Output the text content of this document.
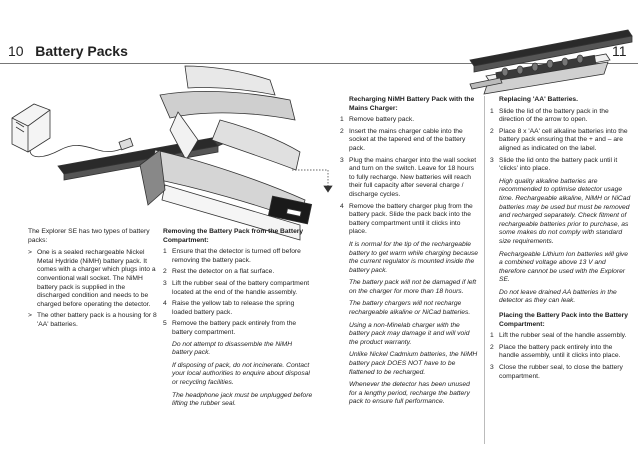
10 Battery Packs	11

The Explorer SE has two types of battery packs:

> One is a sealed rechargeable Nickel Metal Hydride (NiMH) battery pack. It comes with a charger which plugs into a conventional wall socket. The NiMH battery pack is supplied in the discharged condition and needs to be charged before operating the detector.
> The other battery pack is a housing for 8 'AA' batteries.
Removing the Battery Pack from the Battery Compartment:
1 Ensure that the detector is turned off before removing the battery pack.
2 Rest the detector on a flat surface.
3 Lift the rubber seal of the battery compartment located at the end of the handle assembly.
4 Raise the yellow tab to release the spring loaded battery pack.
5 Remove the battery pack entirely from the battery compartment.

Do not attempt to disassemble the NiMH battery pack.

If disposing of pack, do not incinerate. Contact your local authorities to enquire about disposal or recycling facilities.

The headphone jack must be unplugged before lifting the rubber seal.

Recharging NiMH Battery Pack with the Mains Charger:
1 Remove battery pack.
2 Insert the mains charger cable into the socket at the tapered end of the battery pack.
3 Plug the mains charger into the wall socket and turn on the switch. Leave for 18 hours to fully recharge. New batteries will reach their full capacity after several charge / discharge cycles.
4 Remove the battery charger plug from the battery pack. Slide the pack back into the battery compartment until it clicks into place.

It is normal for the tip of the rechargeable battery to get warm while charging because the current regulator is mounted inside the battery pack.

The battery pack will not be damaged if left on the charger for more than 18 hours.

The battery chargers will not recharge rechargeable alkaline or NiCad batteries.

Using a non-Minelab charger with the battery pack may damage it and will void the product warranty.

Unlike Nickel Cadmium batteries, the NiMH battery pack DOES NOT have to be flattened to be recharged.

Whenever the detector has been unused for a lengthy period, recharge the battery pack to ensure full performance.

Replacing 'AA' Batteries.
1 Slide the lid of the battery pack in the direction of the arrow to open.
2 Place 8 x 'AA' cell alkaline batteries into the battery pack ensuring that the + and – are aligned as indicated on the label.
3 Slide the lid onto the battery pack until it 'clicks' into place.

High quality alkaline batteries are recommended to optimise detector usage time. Rechargeable alkaline, NiMH or NiCad batteries may be used but must be removed and recharged separately. Check fitment of rechargeable batteries prior to purchase, as some makes do not comply with standard size requirements.

Rechargeable Lithium Ion batteries will give a combined voltage above 13 V and therefore cannot be used with the Explorer SE.

Do not leave drained AA batteries in the detector as they can leak.

Placing the Battery Pack into the Battery Compartment:
1 Lift the rubber seal of the handle assembly.
2 Place the battery pack entirely into the handle assembly, until it clicks into place.
3 Close the rubber seal, to close the battery compartment.
